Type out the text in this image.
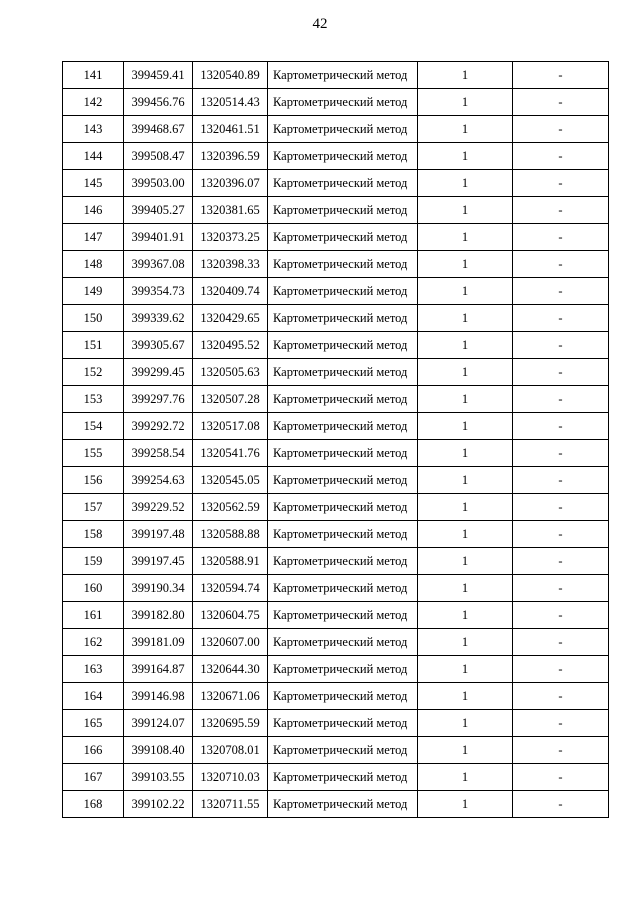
42
141	399459.41	1320540.89	Картометрический метод	1	-
142	399456.76	1320514.43	Картометрический метод	1	-
143	399468.67	1320461.51	Картометрический метод	1	-
144	399508.47	1320396.59	Картометрический метод	1	-
145	399503.00	1320396.07	Картометрический метод	1	-
146	399405.27	1320381.65	Картометрический метод	1	-
147	399401.91	1320373.25	Картометрический метод	1	-
148	399367.08	1320398.33	Картометрический метод	1	-
149	399354.73	1320409.74	Картометрический метод	1	-
150	399339.62	1320429.65	Картометрический метод	1	-
151	399305.67	1320495.52	Картометрический метод	1	-
152	399299.45	1320505.63	Картометрический метод	1	-
153	399297.76	1320507.28	Картометрический метод	1	-
154	399292.72	1320517.08	Картометрический метод	1	-
155	399258.54	1320541.76	Картометрический метод	1	-
156	399254.63	1320545.05	Картометрический метод	1	-
157	399229.52	1320562.59	Картометрический метод	1	-
158	399197.48	1320588.88	Картометрический метод	1	-
159	399197.45	1320588.91	Картометрический метод	1	-
160	399190.34	1320594.74	Картометрический метод	1	-
161	399182.80	1320604.75	Картометрический метод	1	-
162	399181.09	1320607.00	Картометрический метод	1	-
163	399164.87	1320644.30	Картометрический метод	1	-
164	399146.98	1320671.06	Картометрический метод	1	-
165	399124.07	1320695.59	Картометрический метод	1	-
166	399108.40	1320708.01	Картометрический метод	1	-
167	399103.55	1320710.03	Картометрический метод	1	-
168	399102.22	1320711.55	Картометрический метод	1	-
